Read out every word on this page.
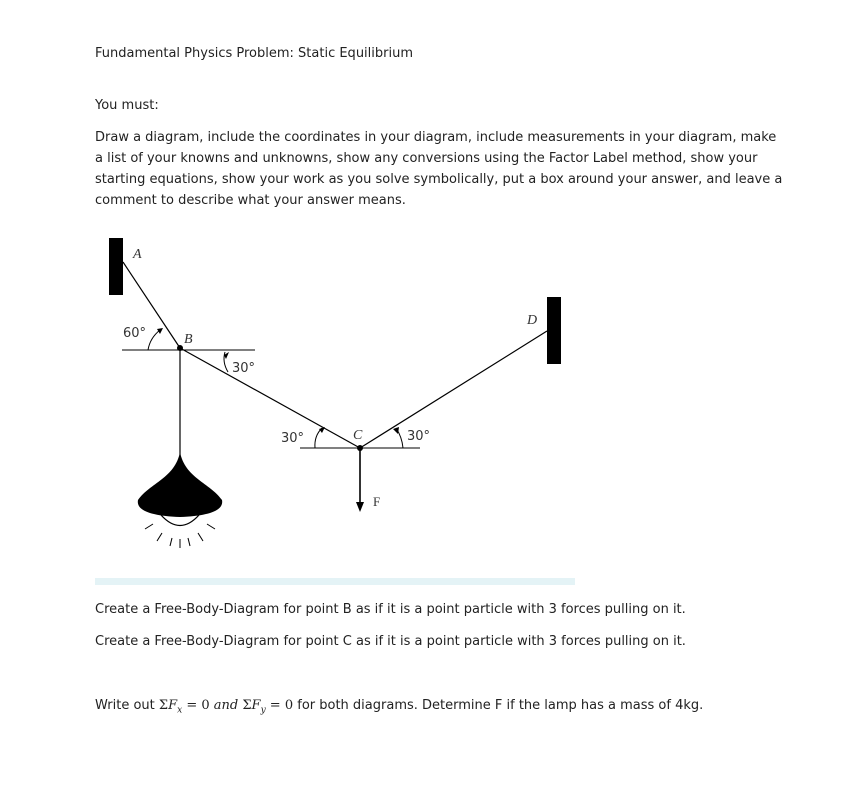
Fundamental Physics Problem: Static Equilibrium

You must:

Draw a diagram, include the coordinates in your diagram, include measurements in your diagram, make a list of your knowns and unknowns, show any conversions using the Factor Label method, show your starting equations, show your work as you solve symbolically, put a box around your answer, and leave a comment to describe what your answer means.

A
D
B
C
F
60°
30°
30°	30°

Create a Free-Body-Diagram for point B as if it is a point particle with 3 forces pulling on it.

Create a Free-Body-Diagram for point C as if it is a point particle with 3 forces pulling on it.

Write out $\Sigma F_x = 0$ and $\Sigma F_y = 0$ for both diagrams. Determine F if the lamp has a mass of 4kg.
